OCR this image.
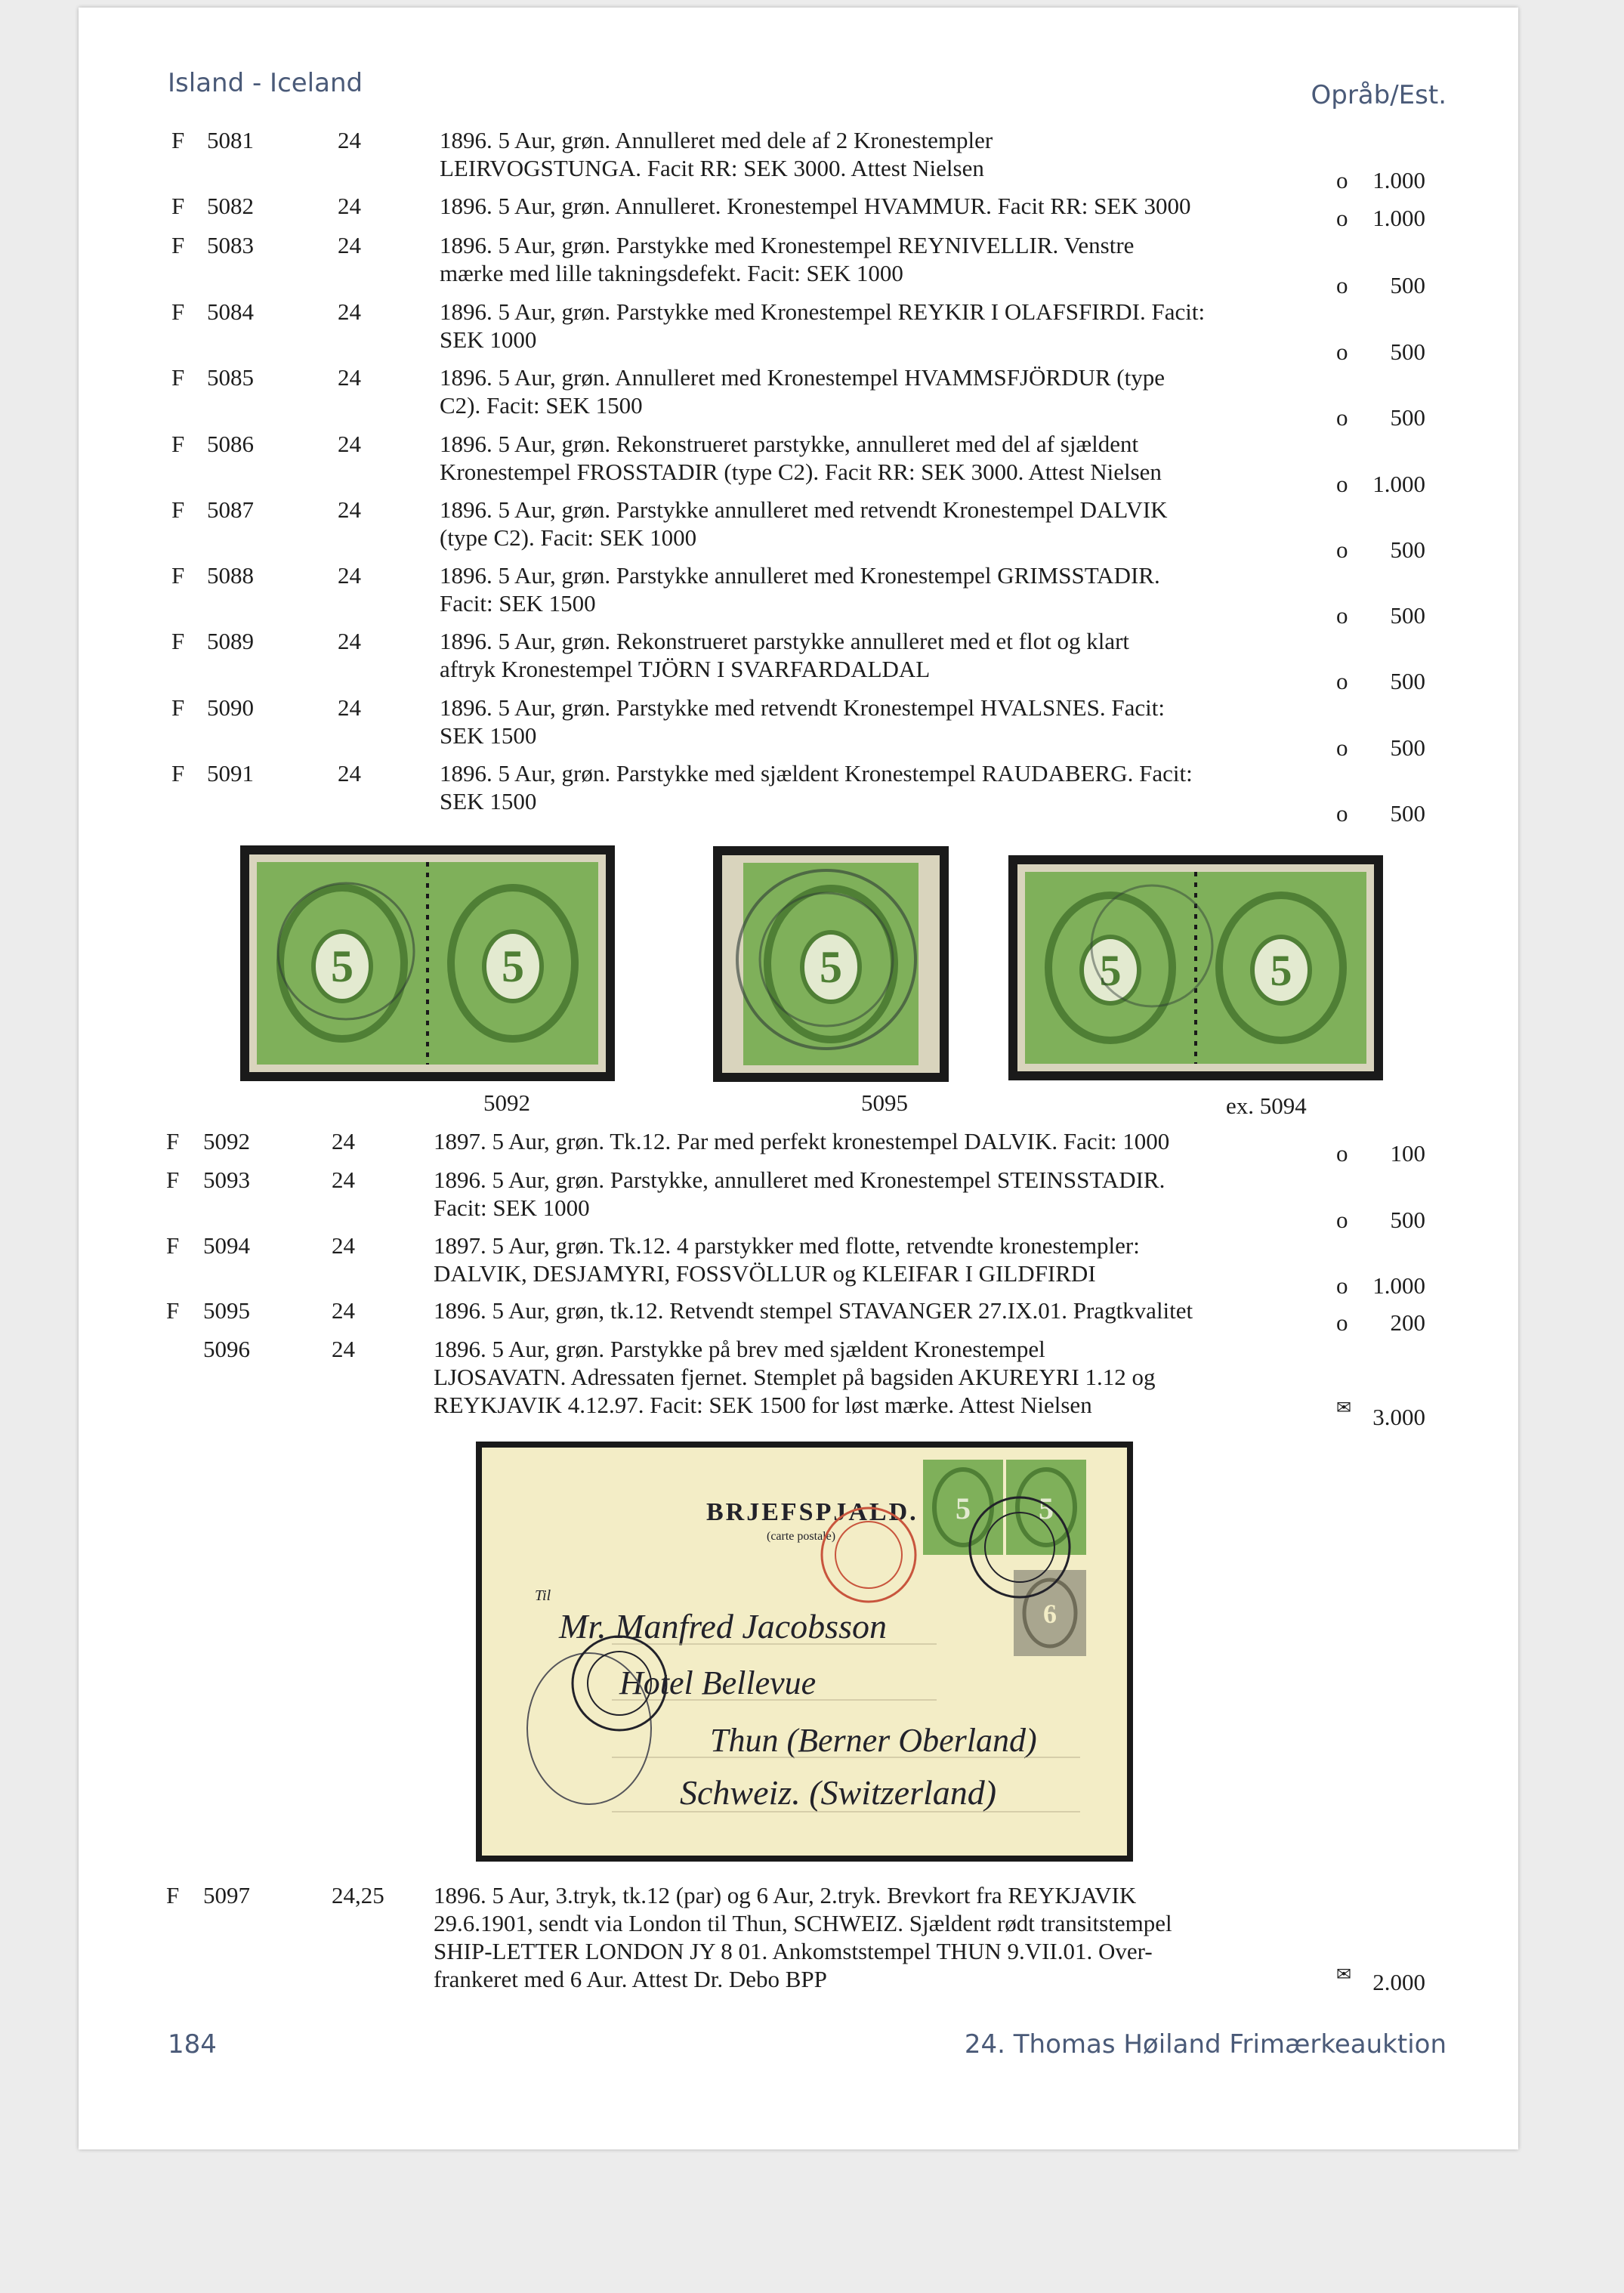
Island - Iceland	Opråb/Est.
F 5081	24	1896. 5 Aur, grøn. Annulleret med dele af 2 Kronestempler
LEIRVOGSTUNGA. Facit RR: SEK 3000. Attest Nielsen	o 1.000
F 5082	24	1896. 5 Aur, grøn. Annulleret. Kronestempel HVAMMUR. Facit RR: SEK 3000	o 1.000
F 5083	24	1896. 5 Aur, grøn. Parstykke med Kronestempel REYNIVELLIR. Venstre
mærke med lille takningsdefekt. Facit: SEK 1000	o 500
F 5084	24	1896. 5 Aur, grøn. Parstykke med Kronestempel REYKIR I OLAFSFIRDI. Facit:
SEK 1000	o 500
F 5085	24	1896. 5 Aur, grøn. Annulleret med Kronestempel HVAMMSFJÖRDUR (type
C2). Facit: SEK 1500	o 500
F 5086	24	1896. 5 Aur, grøn. Rekonstrueret parstykke, annulleret med del af sjældent
Kronestempel FROSSTADIR (type C2). Facit RR: SEK 3000. Attest Nielsen	o 1.000
F 5087	24	1896. 5 Aur, grøn. Parstykke annulleret med retvendt Kronestempel DALVIK
(type C2). Facit: SEK 1000	o 500
F 5088	24	1896. 5 Aur, grøn. Parstykke annulleret med Kronestempel GRIMSSTADIR.
Facit: SEK 1500	o 500
F 5089	24	1896. 5 Aur, grøn. Rekonstrueret parstykke annulleret med et flot og klart
aftryk Kronestempel TJÖRN I SVARFARDALDAL	o 500
F 5090	24	1896. 5 Aur, grøn. Parstykke med retvendt Kronestempel HVALSNES. Facit:
SEK 1500	o 500
F 5091	24	1896. 5 Aur, grøn. Parstykke med sjældent Kronestempel RAUDABERG. Facit:
SEK 1500	o 500
5	5	5	5	5
5092	5095	ex. 5094
F 5092	24	1897. 5 Aur, grøn. Tk.12. Par med perfekt kronestempel DALVIK. Facit: 1000	o 100
F 5093	24	1896. 5 Aur, grøn. Parstykke, annulleret med Kronestempel STEINSSTADIR.
Facit: SEK 1000	o 500
F 5094	24	1897. 5 Aur, grøn. Tk.12. 4 parstykker med flotte, retvendte kronestempler:
DALVIK, DESJAMYRI, FOSSVÖLLUR og KLEIFAR I GILDFIRDI	o 1.000
F 5095	24	1896. 5 Aur, grøn, tk.12. Retvendt stempel STAVANGER 27.IX.01. Pragtkvalitet	o 200
5096	24	1896. 5 Aur, grøn. Parstykke på brev med sjældent Kronestempel
LJOSAVATN. Adressaten fjernet. Stemplet på bagsiden AKUREYRI 1.12 og
REYKJAVIK 4.12.97. Facit: SEK 1500 for løst mærke. Attest Nielsen	✉ 3.000
BRJEFSPJALD.
(carte postale)
Til
Mr. Manfred Jacobsson
Hotel Bellevue
Thun (Berner Oberland)
Schweiz. (Switzerland)
5 5
6
F 5097	24,25 1896. 5 Aur, 3.tryk, tk.12 (par) og 6 Aur, 2.tryk. Brevkort fra REYKJAVIK
29.6.1901, sendt via London til Thun, SCHWEIZ. Sjældent rødt transitstempel
SHIP-LETTER LONDON JY 8 01. Ankomststempel THUN 9.VII.01. Over-
frankeret med 6 Aur. Attest Dr. Debo BPP	✉ 2.000
184	24. Thomas Høiland Frimærkeauktion
